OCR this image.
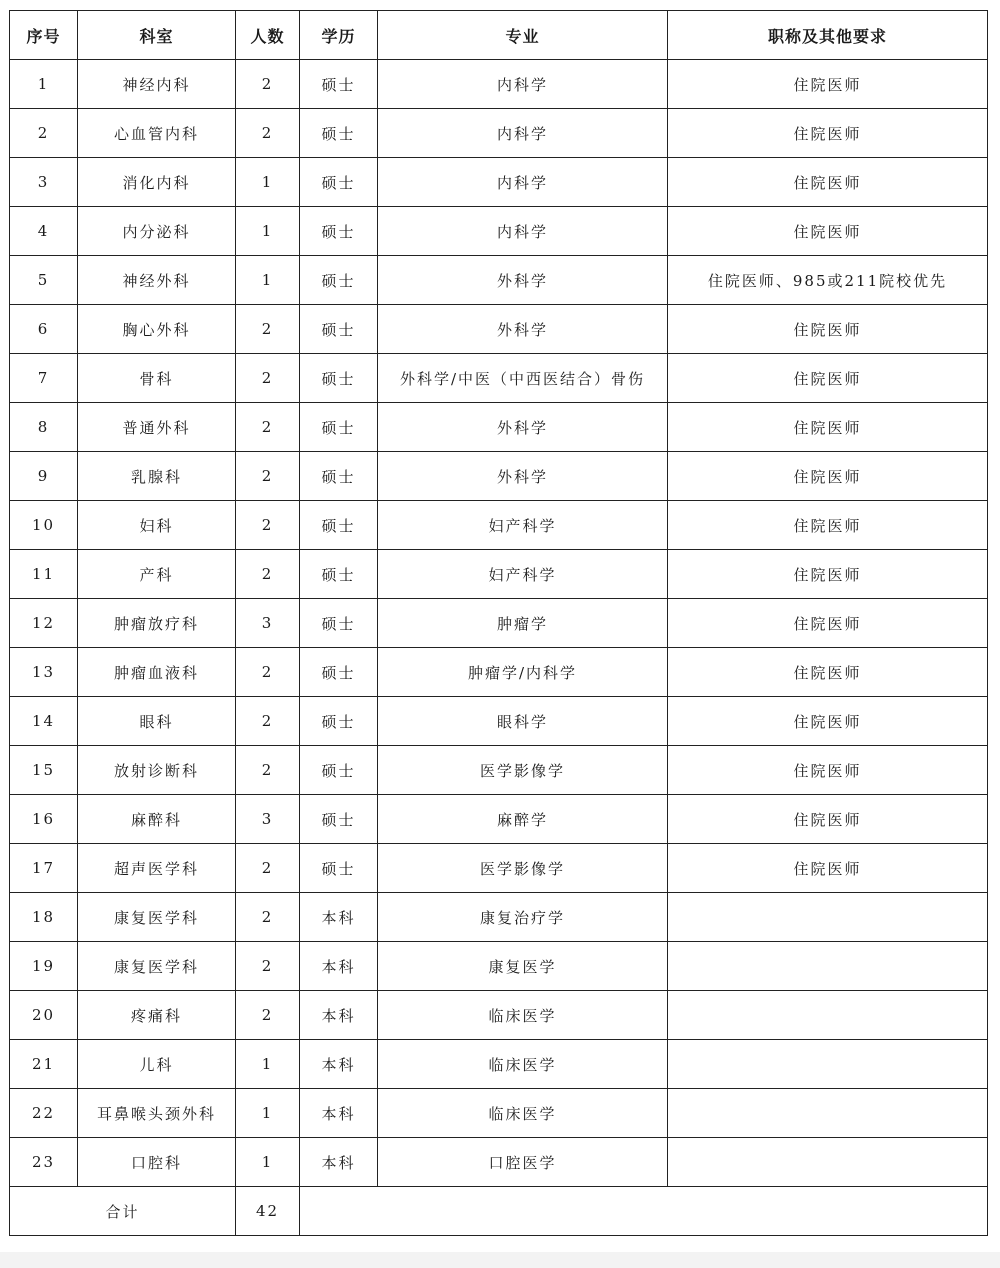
序号	科室	人数	学历	专业	职称及其他要求
1	神经内科	2	硕士	内科学	住院医师
2	心血管内科	2	硕士	内科学	住院医师
3	消化内科	1	硕士	内科学	住院医师
4	内分泌科	1	硕士	内科学	住院医师
5	神经外科	1	硕士	外科学	住院医师、985或211院校优先
6	胸心外科	2	硕士	外科学	住院医师
7	骨科	2	硕士	外科学/中医（中西医结合）骨伤	住院医师
8	普通外科	2	硕士	外科学	住院医师
9	乳腺科	2	硕士	外科学	住院医师
10	妇科	2	硕士	妇产科学	住院医师
11	产科	2	硕士	妇产科学	住院医师
12	肿瘤放疗科	3	硕士	肿瘤学	住院医师
13	肿瘤血液科	2	硕士	肿瘤学/内科学	住院医师
14	眼科	2	硕士	眼科学	住院医师
15	放射诊断科	2	硕士	医学影像学	住院医师
16	麻醉科	3	硕士	麻醉学	住院医师
17	超声医学科	2	硕士	医学影像学	住院医师
18	康复医学科	2	本科	康复治疗学	
19	康复医学科	2	本科	康复医学	
20	疼痛科	2	本科	临床医学	
21	儿科	1	本科	临床医学	
22	耳鼻喉头颈外科	1	本科	临床医学	
23	口腔科	1	本科	口腔医学	
合计		42			
